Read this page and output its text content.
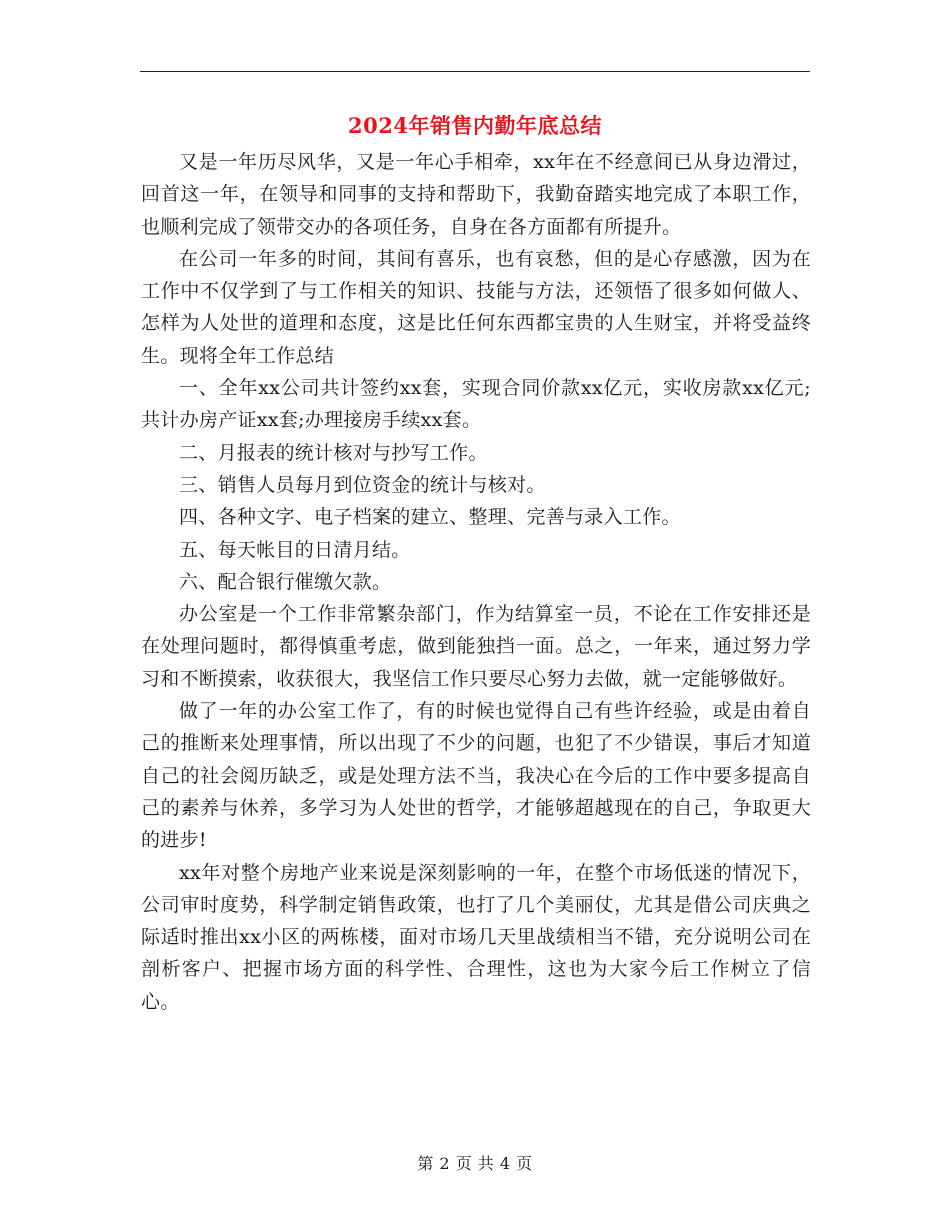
2024年销售内勤年底总结

又是一年历尽风华，又是一年心手相牵，xx年在不经意间已从身边滑过，回首这一年，在领导和同事的支持和帮助下，我勤奋踏实地完成了本职工作，也顺利完成了领带交办的各项任务，自身在各方面都有所提升。

在公司一年多的时间，其间有喜乐，也有哀愁，但的是心存感激，因为在工作中不仅学到了与工作相关的知识、技能与方法，还领悟了很多如何做人、怎样为人处世的道理和态度，这是比任何东西都宝贵的人生财宝，并将受益终生。现将全年工作总结

一、全年xx公司共计签约xx套，实现合同价款xx亿元，实收房款xx亿元;共计办房产证xx套;办理接房手续xx套。

二、月报表的统计核对与抄写工作。

三、销售人员每月到位资金的统计与核对。

四、各种文字、电子档案的建立、整理、完善与录入工作。

五、每天帐目的日清月结。

六、配合银行催缴欠款。

办公室是一个工作非常繁杂部门，作为结算室一员，不论在工作安排还是在处理问题时，都得慎重考虑，做到能独挡一面。总之，一年来，通过努力学习和不断摸索，收获很大，我坚信工作只要尽心努力去做，就一定能够做好。

做了一年的办公室工作了，有的时候也觉得自己有些许经验，或是由着自己的推断来处理事情，所以出现了不少的问题，也犯了不少错误，事后才知道自己的社会阅历缺乏，或是处理方法不当，我决心在今后的工作中要多提高自己的素养与休养，多学习为人处世的哲学，才能够超越现在的自己，争取更大的进步!

xx年对整个房地产业来说是深刻影响的一年，在整个市场低迷的情况下，公司审时度势，科学制定销售政策，也打了几个美丽仗，尤其是借公司庆典之际适时推出xx小区的两栋楼，面对市场几天里战绩相当不错，充分说明公司在剖析客户、把握市场方面的科学性、合理性，这也为大家今后工作树立了信心。

第 2 页 共 4 页
